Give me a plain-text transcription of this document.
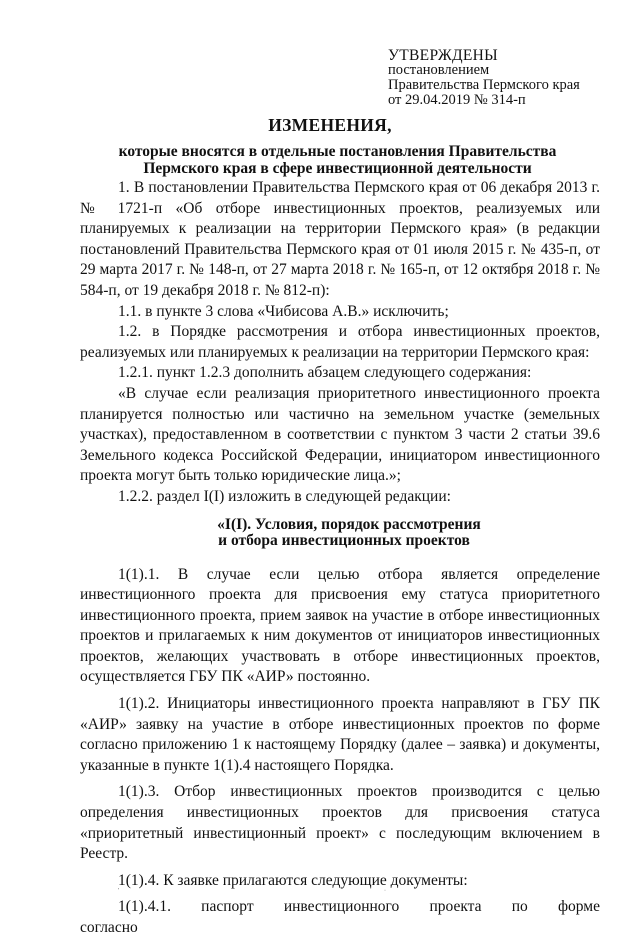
УТВЕРЖДЕНЫ
постановлением
Правительства Пермского края
от 29.04.2019 № 314-п
ИЗМЕНЕНИЯ,
которые вносятся в отдельные постановления Правительства
Пермского края в сфере инвестиционной деятельности

1. В постановлении Правительства Пермского края от 06 декабря 2013 г. № 1721-п «Об отборе инвестиционных проектов, реализуемых или планируемых к реализации на территории Пермского края» (в редакции постановлений Правительства Пермского края от 01 июля 2015 г. № 435-п, от 29 марта 2017 г. № 148-п, от 27 марта 2018 г. № 165-п, от 12 октября 2018 г. № 584-п, от 19 декабря 2018 г. № 812-п):

1.1. в пункте 3 слова «Чибисова А.В.» исключить;

1.2. в Порядке рассмотрения и отбора инвестиционных проектов, реализуемых или планируемых к реализации на территории Пермского края:

1.2.1. пункт 1.2.3 дополнить абзацем следующего содержания:

«В случае если реализация приоритетного инвестиционного проекта планируется полностью или частично на земельном участке (земельных участках), предоставленном в соответствии с пунктом 3 части 2 статьи 39.6 Земельного кодекса Российской Федерации, инициатором инвестиционного проекта могут быть только юридические лица.»;

1.2.2. раздел I(I) изложить в следующей редакции:

«I(I). Условия, порядок рассмотрения
и отбора инвестиционных проектов

1(1).1. В случае если целью отбора является определение инвестиционного проекта для присвоения ему статуса приоритетного инвестиционного проекта, прием заявок на участие в отборе инвестиционных проектов и прилагаемых к ним документов от инициаторов инвестиционных проектов, желающих участвовать в отборе инвестиционных проектов, осуществляется ГБУ ПК «АИР» постоянно.

1(1).2. Инициаторы инвестиционного проекта направляют в ГБУ ПК «АИР» заявку на участие в отборе инвестиционных проектов по форме согласно приложению 1 к настоящему Порядку (далее – заявка) и документы, указанные в пункте 1(1).4 настоящего Порядка.

1(1).3. Отбор инвестиционных проектов производится с целью определения инвестиционных проектов для присвоения статуса «приоритетный инвестиционный проект» с последующим включением в Реестр.

1(1).4. К заявке прилагаются следующие документы:

1(1).4.1. паспорт инвестиционного проекта по форме согласно

'	·
